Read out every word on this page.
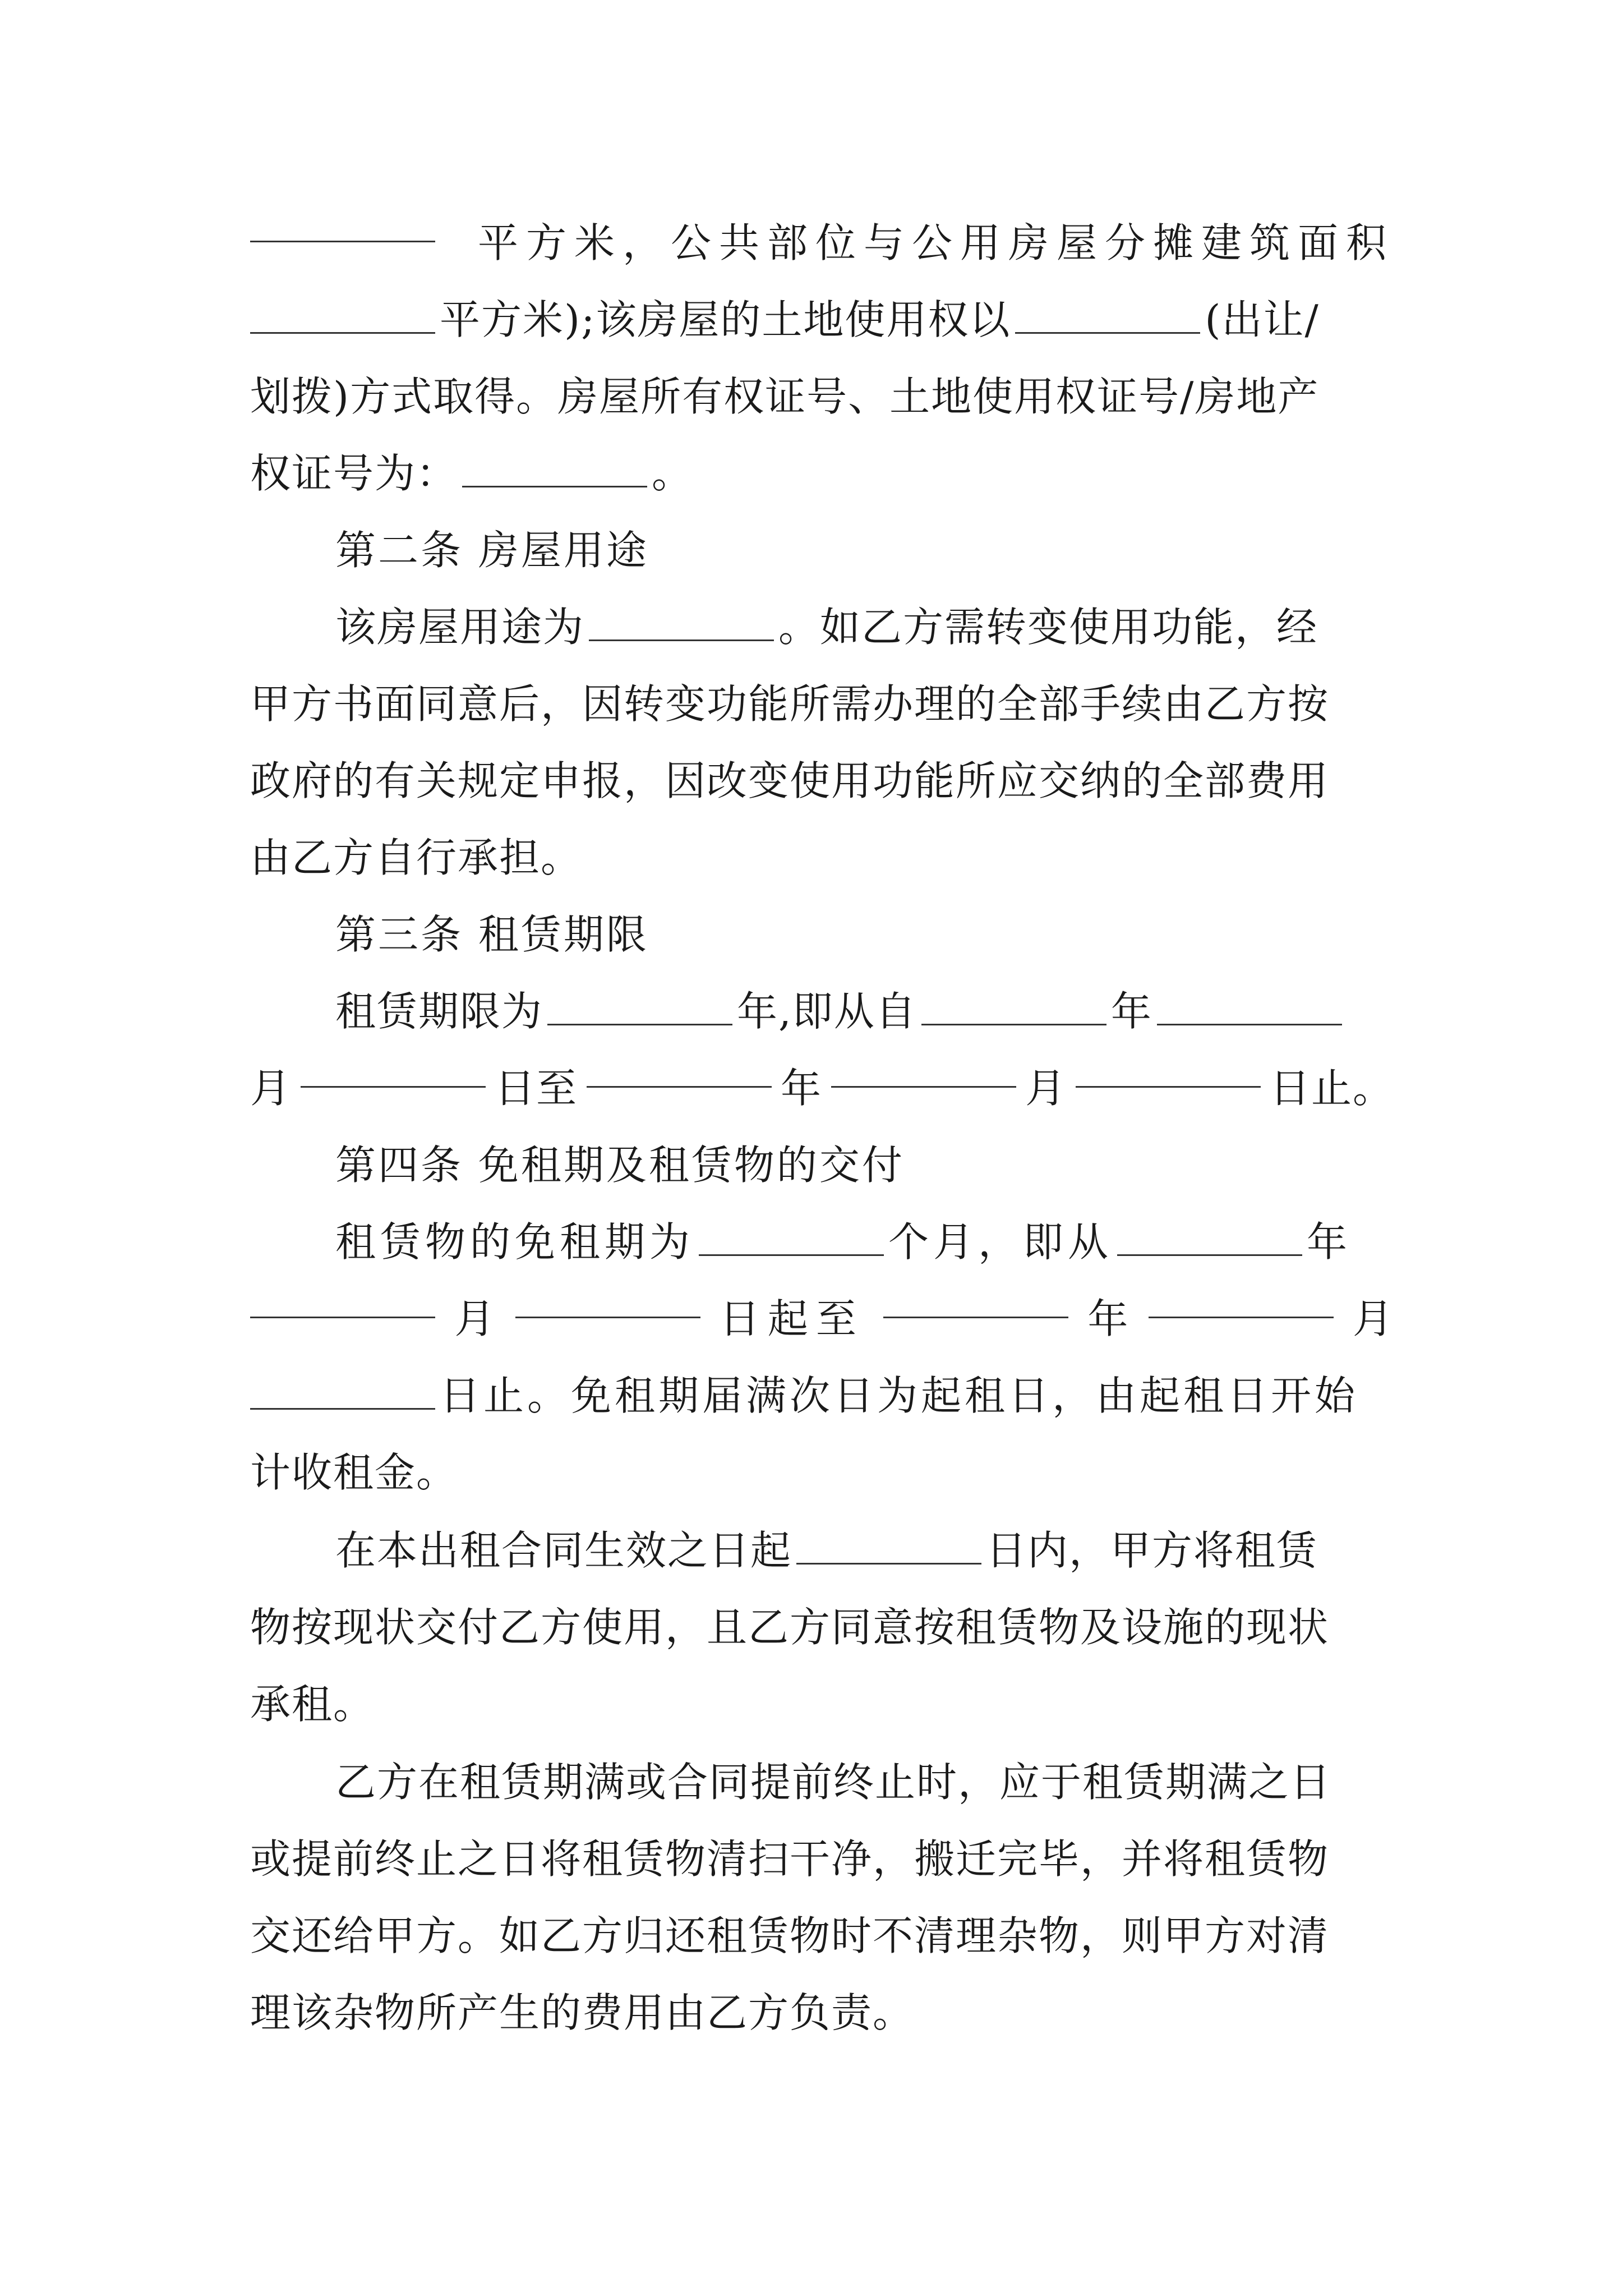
平方米，公共部位与公用房屋分摊建筑面积
平方米);该房屋的土地使用权以	(出让/
划拨)方式取得。房屋所有权证号、土地使用权证号/房地产
权证号为：	。
第二条 房屋用途
该房屋用途为	。如乙方需转变使用功能，经
甲方书面同意后，因转变功能所需办理的全部手续由乙方按
政府的有关规定申报，因改变使用功能所应交纳的全部费用
由乙方自行承担。
第三条 租赁期限
租赁期限为	年,即从自	年
月	日至	年	月	日止。
第四条 免租期及租赁物的交付
租赁物的免租期为	个月，即从	年
月	日起至	年	月
日止。免租期届满次日为起租日，由起租日开始
计收租金。
在本出租合同生效之日起	日内，甲方将租赁
物按现状交付乙方使用，且乙方同意按租赁物及设施的现状
承租。
乙方在租赁期满或合同提前终止时，应于租赁期满之日
或提前终止之日将租赁物清扫干净，搬迁完毕，并将租赁物
交还给甲方。如乙方归还租赁物时不清理杂物，则甲方对清
理该杂物所产生的费用由乙方负责。
